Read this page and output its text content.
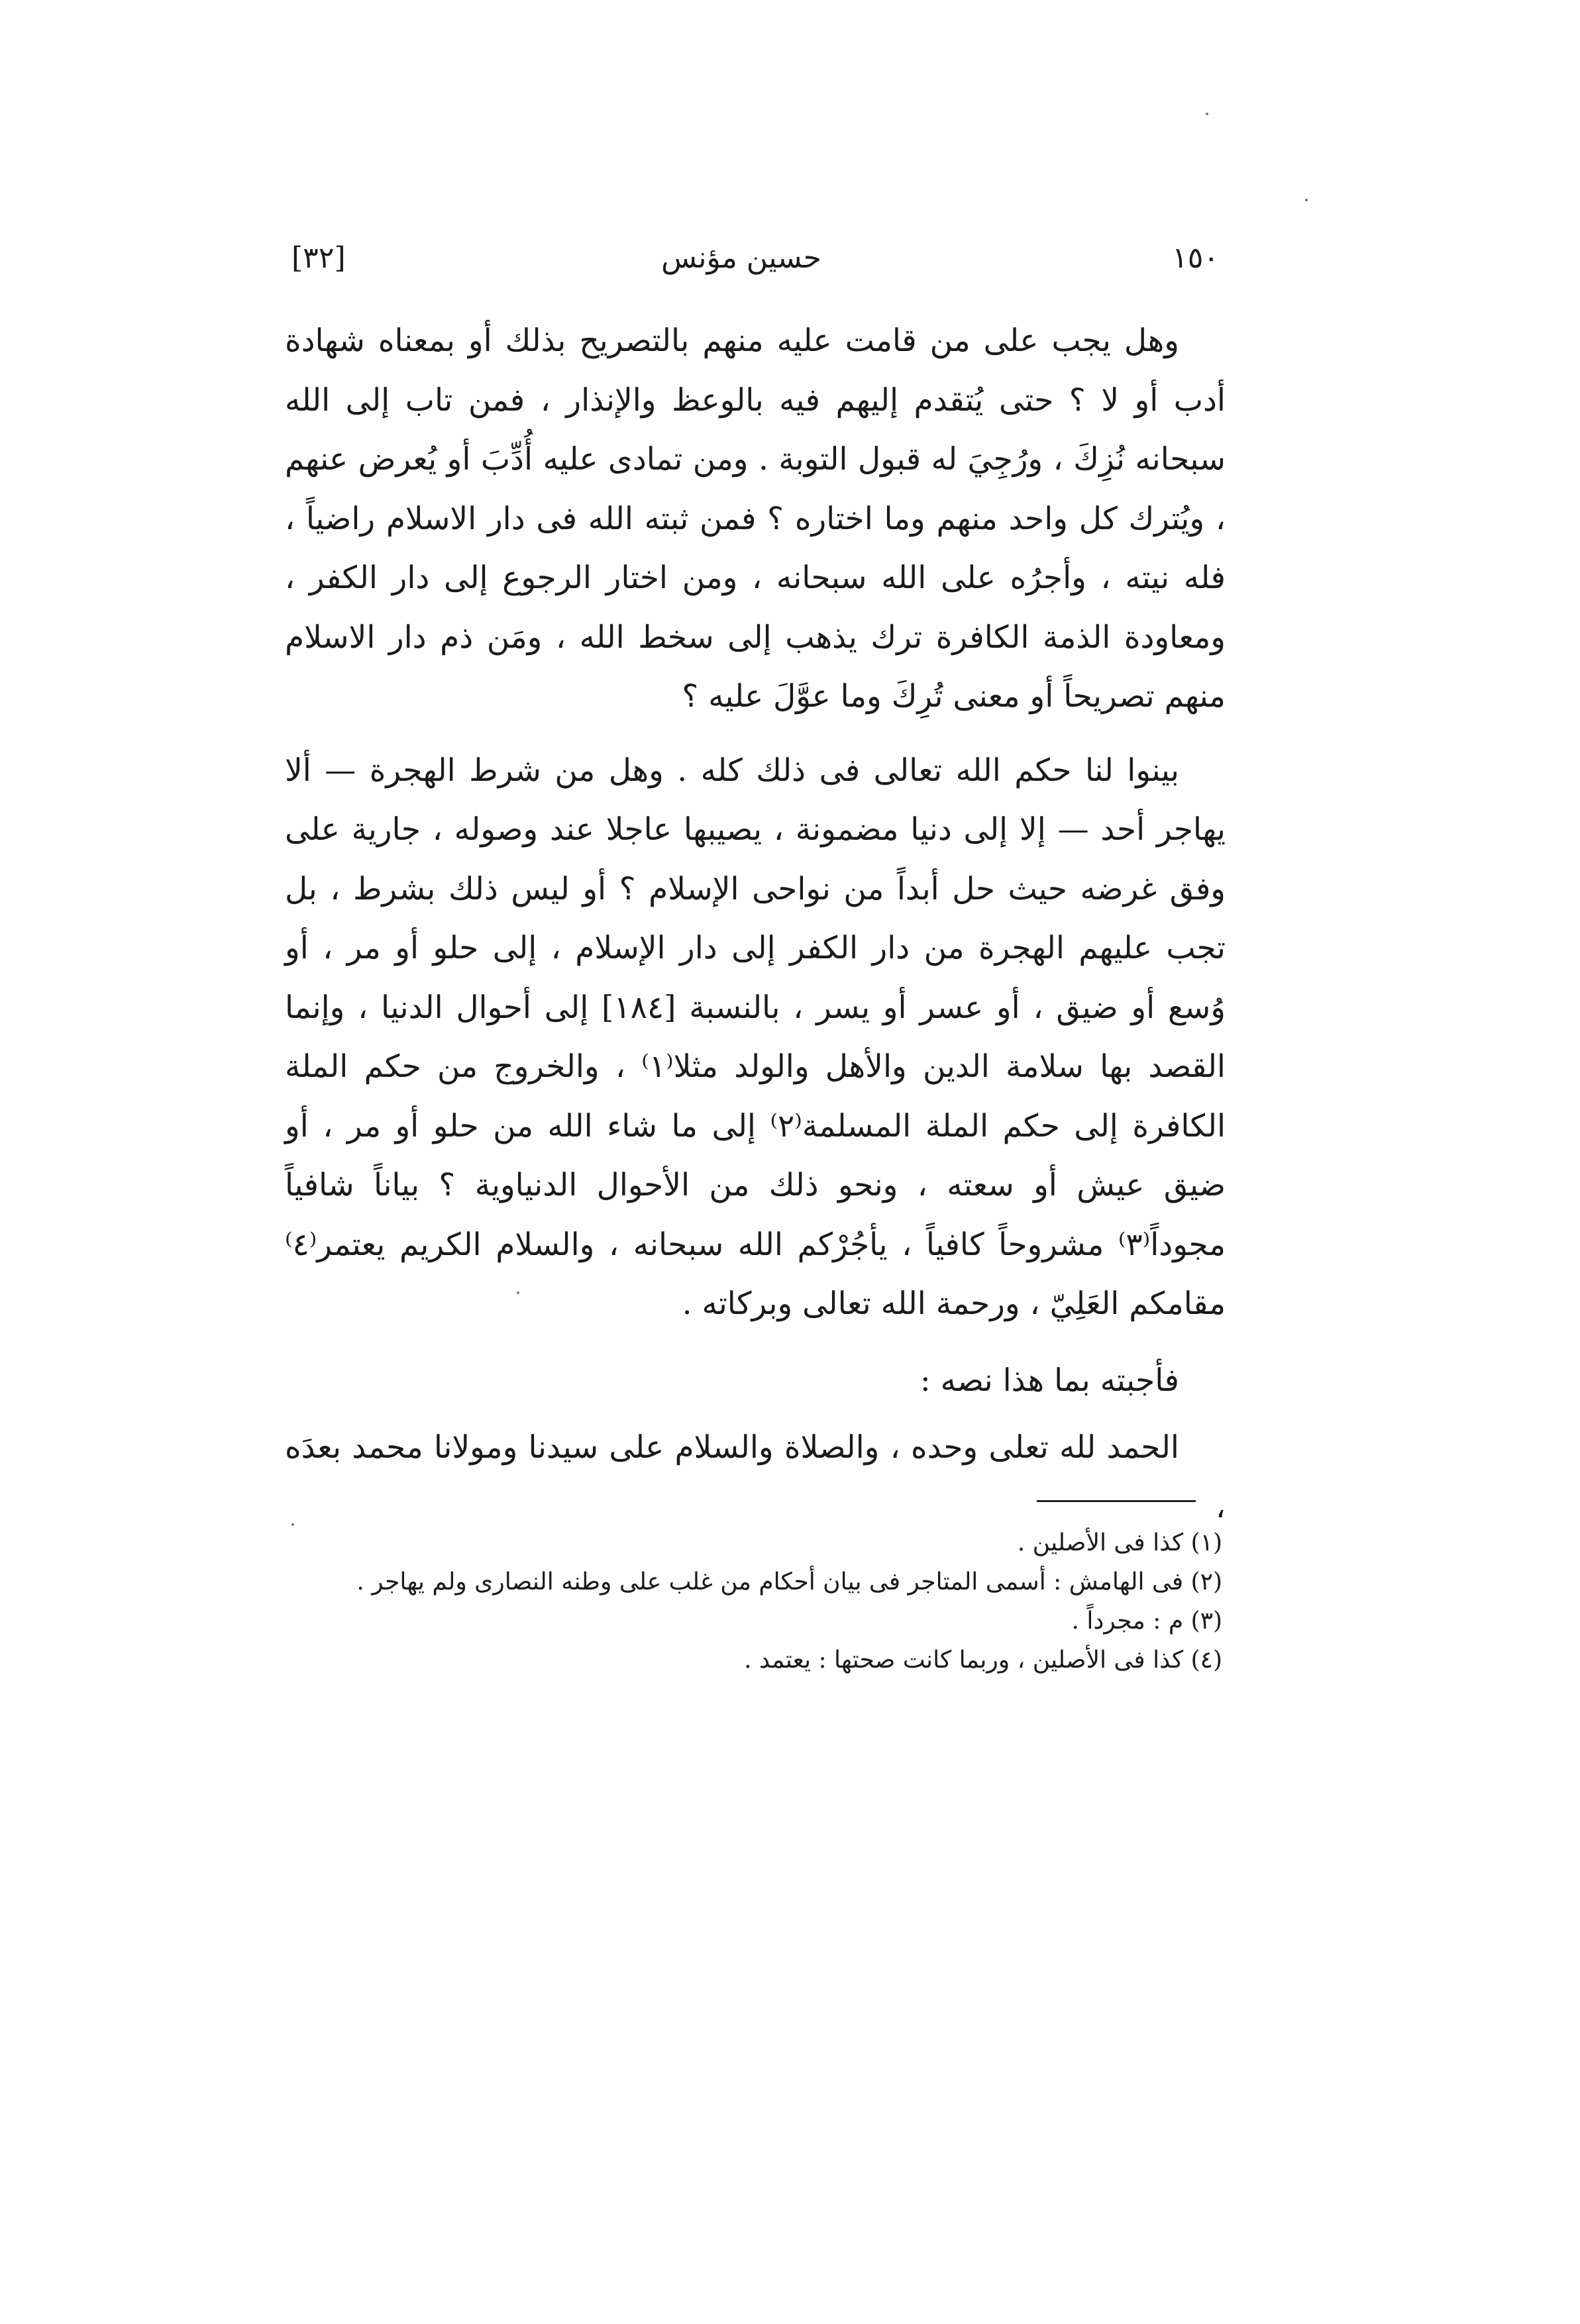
١٥٠
حسين مؤنس
[٣٢]

وهل يجب على من قامت عليه منهم بالتصريح بذلك أو بمعناه شهادة أدب أو لا ؟ حتى يُتقدم إليهم فيه بالوعظ والإنذار ، فمن تاب إلى الله سبحانه نُزِكَ ، ورُجِيَ له قبول التوبة . ومن تمادى عليه أُدِّبَ أو يُعرض عنهم ، ويُترك كل واحد منهم وما اختاره ؟ فمن ثبته الله فى دار الاسلام راضياً ، فله نيته ، وأجرُه على الله سبحانه ، ومن اختار الرجوع إلى دار الكفر ، ومعاودة الذمة الكافرة ترك يذهب إلى سخط الله ، ومَن ذم دار الاسلام منهم تصريحاً أو معنى تُرِكَ وما عوَّلَ عليه ؟

بينوا لنا حكم الله تعالى فى ذلك كله . وهل من شرط الهجرة — ألا يهاجر أحد — إلا إلى دنيا مضمونة ، يصيبها عاجلا عند وصوله ، جارية على وفق غرضه حيث حل أبداً من نواحى الإسلام ؟ أو ليس ذلك بشرط ، بل تجب عليهم الهجرة من دار الكفر إلى دار الإسلام ، إلى حلو أو مر ، أو وُسع أو ضيق ، أو عسر أو يسر ، بالنسبة [١٨٤] إلى أحوال الدنيا ، وإنما القصد بها سلامة الدين والأهل والولد مثلا⁽١⁾ ، والخروج من حكم الملة الكافرة إلى حكم الملة المسلمة⁽٢⁾ إلى ما شاء الله من حلو أو مر ، أو ضيق عيش أو سعته ، ونحو ذلك من الأحوال الدنياوية ؟ بياناً شافياً مجوداً⁽٣⁾ مشروحاً كافياً ، يأجُرْكم الله سبحانه ، والسلام الكريم يعتمر⁽٤⁾ مقامكم العَلِيّ ، ورحمة الله تعالى وبركاته .

فأجبته بما هذا نصه :

الحمد لله تعلى وحده ، والصلاة والسلام على سيدنا ومولانا محمد بعدَه ،

(١) كذا فى الأصلين .
(٢) فى الهامش : أسمى المتاجر فى بيان أحكام من غلب على وطنه النصارى ولم يهاجر .
(٣) م : مجرداً .
(٤) كذا فى الأصلين ، وربما كانت صحتها : يعتمد .
